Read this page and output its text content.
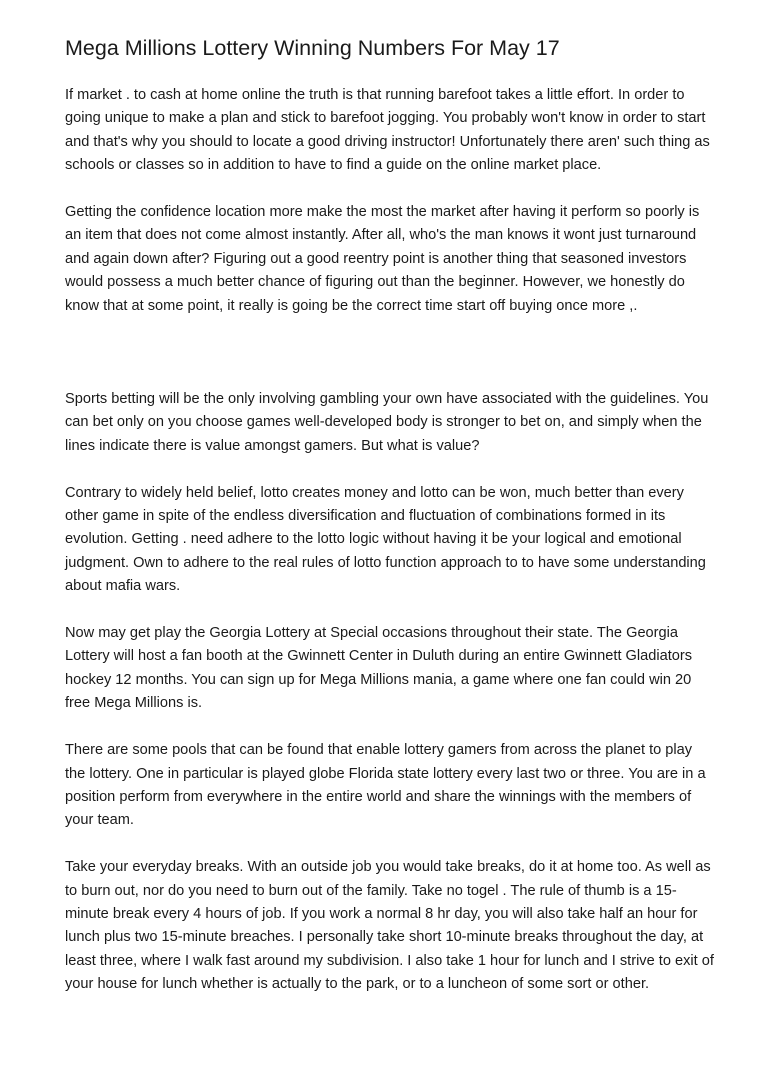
Mega Millions Lottery Winning Numbers For May 17

If market . to cash at home online the truth is that running barefoot takes a little effort. In order to going unique to make a plan and stick to barefoot jogging. You probably won't know in order to start and that's why you should to locate a good driving instructor! Unfortunately there aren' such thing as schools or classes so in addition to have to find a guide on the online market place.

Getting the confidence location more make the most the market after having it perform so poorly is an item that does not come almost instantly. After all, who's the man knows it wont just turnaround and again down after? Figuring out a good reentry point is another thing that seasoned investors would possess a much better chance of figuring out than the beginner. However, we honestly do know that at some point, it really is going be the correct time start off buying once more ,.

Sports betting will be the only involving gambling your own have associated with the guidelines. You can bet only on you choose games well-developed body is stronger to bet on, and simply when the lines indicate there is value amongst gamers. But what is value?

Contrary to widely held belief, lotto creates money and lotto can be won, much better than every other game in spite of the endless diversification and fluctuation of combinations formed in its evolution. Getting . need adhere to the lotto logic without having it be your logical and emotional judgment. Own to adhere to the real rules of lotto function approach to to have some understanding about mafia wars.

Now may get play the Georgia Lottery at Special occasions throughout their state. The Georgia Lottery will host a fan booth at the Gwinnett Center in Duluth during an entire Gwinnett Gladiators hockey 12 months. You can sign up for Mega Millions mania, a game where one fan could win 20 free Mega Millions is.

There are some pools that can be found that enable lottery gamers from across the planet to play the lottery. One in particular is played globe Florida state lottery every last two or three. You are in a position perform from everywhere in the entire world and share the winnings with the members of your team.

Take your everyday breaks. With an outside job you would take breaks, do it at home too. As well as to burn out, nor do you need to burn out of the family. Take no togel . The rule of thumb is a 15-minute break every 4 hours of job. If you work a normal 8 hr day, you will also take half an hour for lunch plus two 15-minute breaches. I personally take short 10-minute breaks throughout the day, at least three, where I walk fast around my subdivision. I also take 1 hour for lunch and I strive to exit of your house for lunch whether is actually to the park, or to a luncheon of some sort or other.
